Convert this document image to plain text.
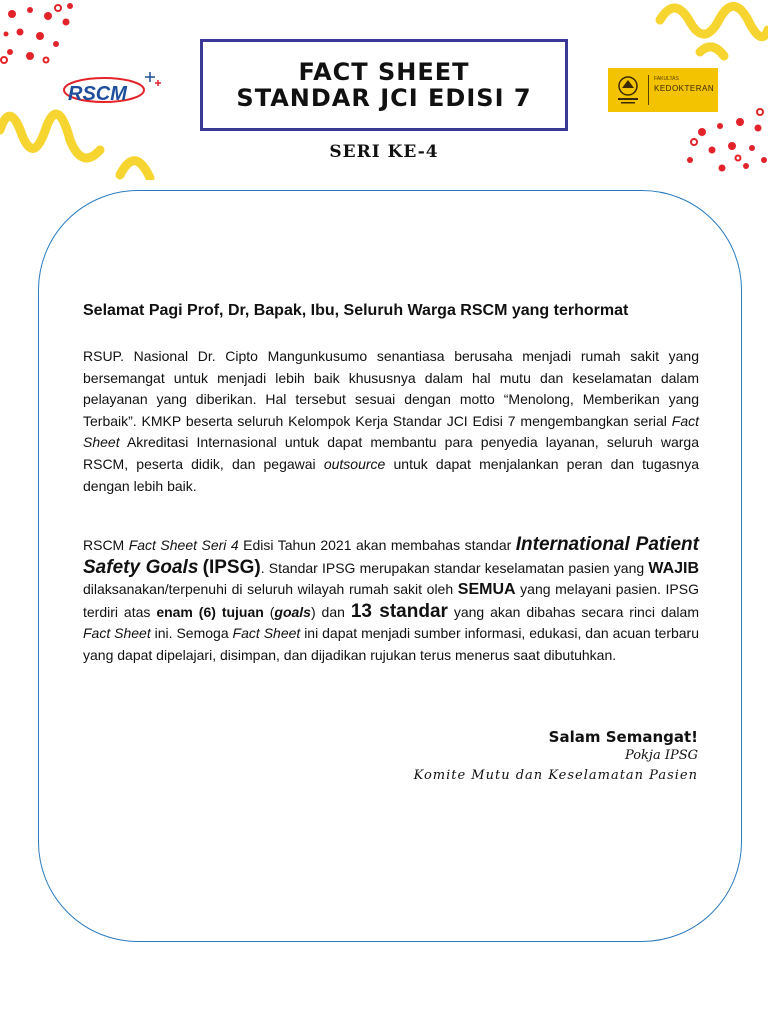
RSCM
FACT SHEET
STANDAR JCI EDISI 7
SERI KE-4
FAKULTAS
KEDOKTERAN
Selamat Pagi Prof, Dr, Bapak, Ibu, Seluruh Warga RSCM yang terhormat
RSUP. Nasional Dr. Cipto Mangunkusumo senantiasa berusaha menjadi rumah sakit yang bersemangat untuk menjadi lebih baik khususnya dalam hal mutu dan keselamatan dalam pelayanan yang diberikan. Hal tersebut sesuai dengan motto “Menolong, Memberikan yang Terbaik”. KMKP beserta seluruh Kelompok Kerja Standar JCI Edisi 7 mengembangkan serial Fact Sheet Akreditasi Internasional untuk dapat membantu para penyedia layanan, seluruh warga RSCM, peserta didik, dan pegawai outsource untuk dapat menjalankan peran dan tugasnya dengan lebih baik.
RSCM Fact Sheet Seri 4 Edisi Tahun 2021 akan membahas standar International Patient Safety Goals (IPSG). Standar IPSG merupakan standar keselamatan pasien yang WAJIB dilaksanakan/terpenuhi di seluruh wilayah rumah sakit oleh SEMUA yang melayani pasien. IPSG terdiri atas enam (6) tujuan (goals) dan 13 standar yang akan dibahas secara rinci dalam Fact Sheet ini. Semoga Fact Sheet ini dapat menjadi sumber informasi, edukasi, dan acuan terbaru yang dapat dipelajari, disimpan, dan dijadikan rujukan terus menerus saat dibutuhkan.
Salam Semangat!
Pokja IPSG
Komite Mutu dan Keselamatan Pasien
